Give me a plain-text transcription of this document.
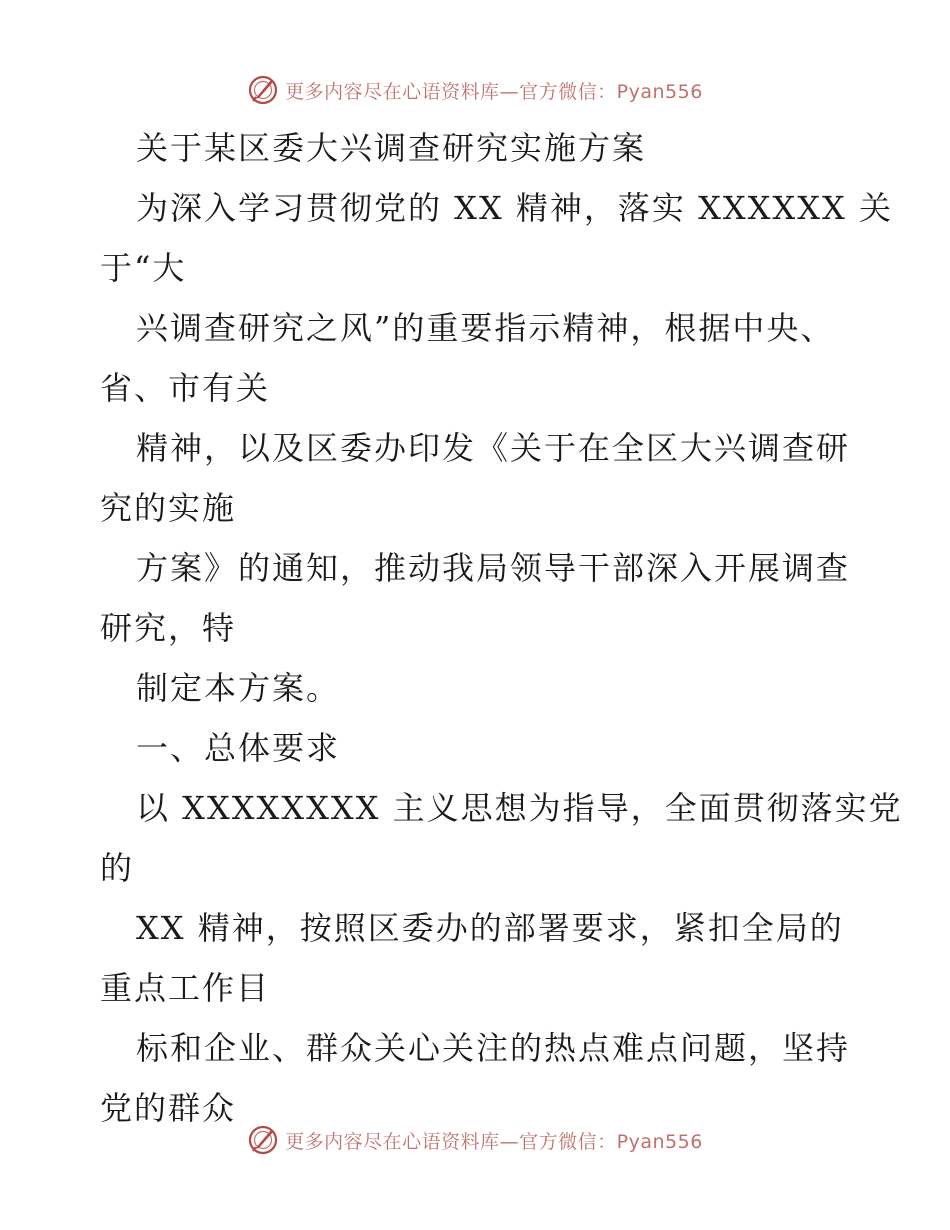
更多内容尽在心语资料库—官方微信：Pyan556

关于某区委大兴调查研究实施方案

为深入学习贯彻党的 XX 精神，落实 XXXXXX 关

于“大

兴调查研究之风”的重要指示精神，根据中央、

省、市有关

精神，以及区委办印发《关于在全区大兴调查研

究的实施

方案》的通知，推动我局领导干部深入开展调查

研究，特

制定本方案。

一、总体要求

以 XXXXXXXX 主义思想为指导，全面贯彻落实党

的

XX 精神，按照区委办的部署要求，紧扣全局的

重点工作目

标和企业、群众关心关注的热点难点问题，坚持

党的群众

更多内容尽在心语资料库—官方微信：Pyan556
